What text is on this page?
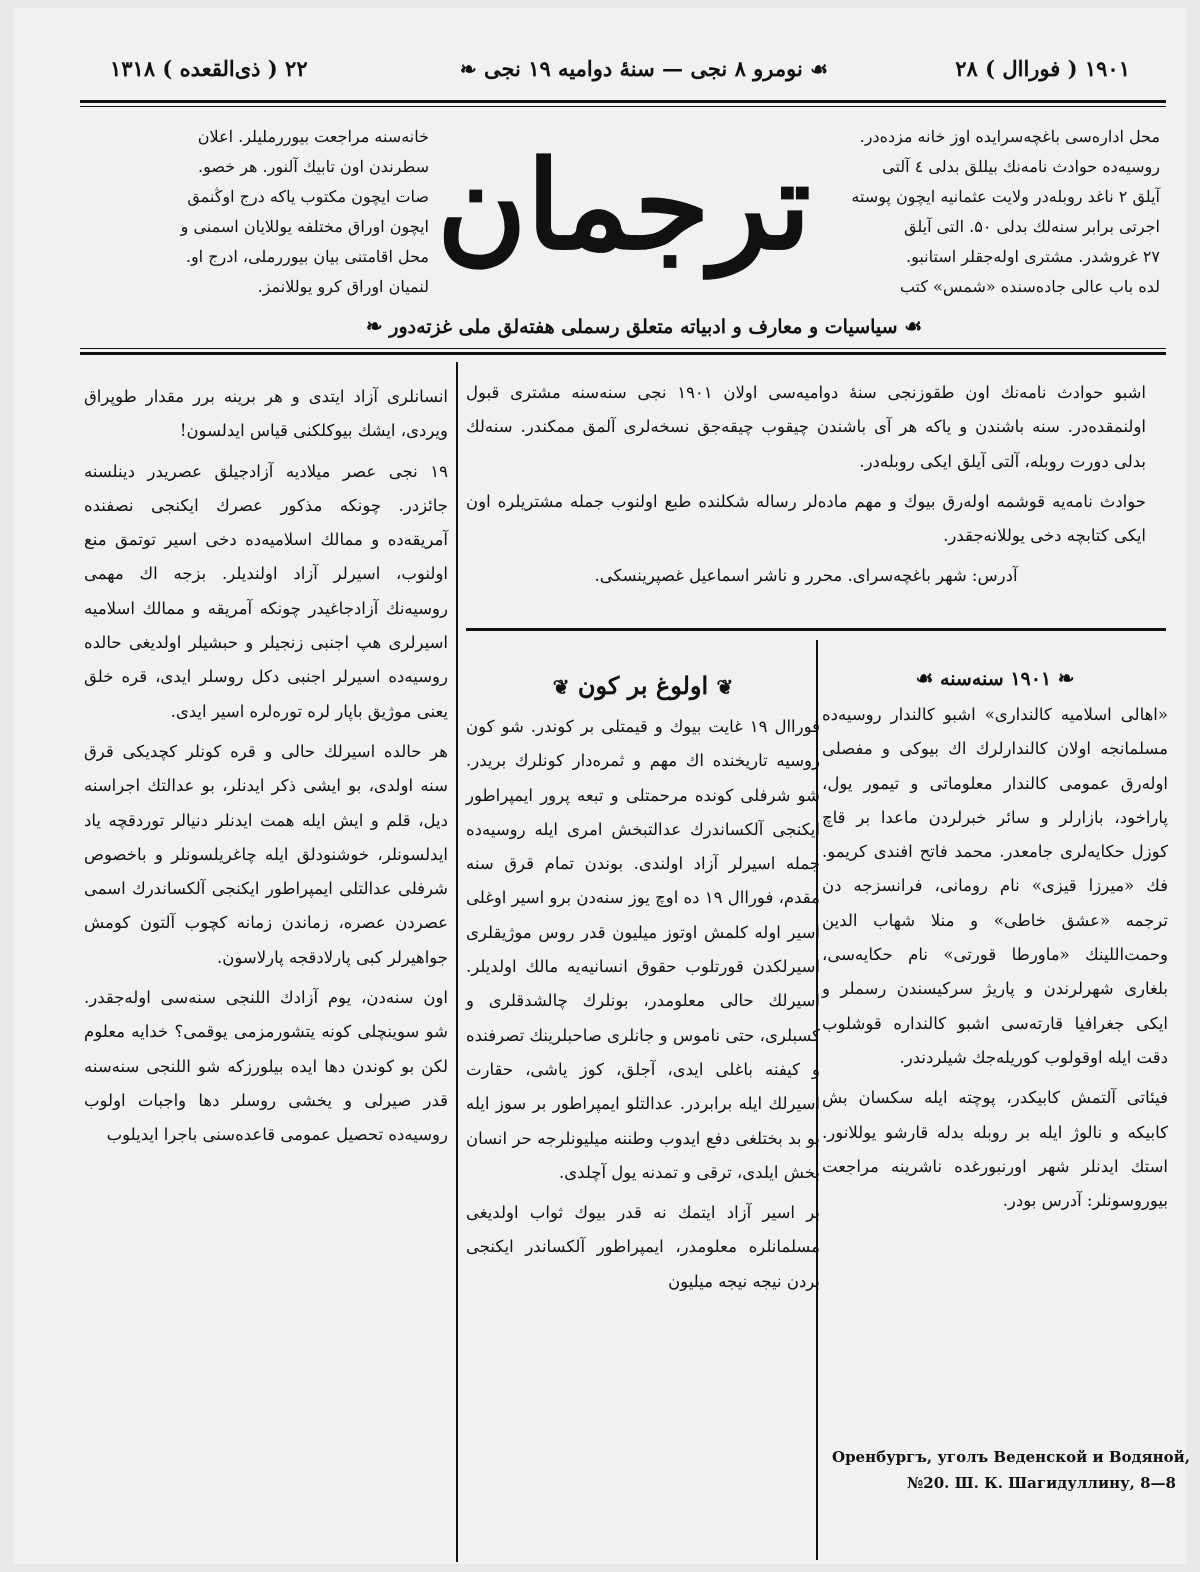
۱۹۰۱ ( فوراال ) ۲۸
❧ نومرو ۸ نجی — سنهٔ دوامیه ۱۹ نجی ☙
۲۲ ( ذی‌القعده ) ۱۳۱۸
محل اداره‌سی باغچه‌سرایده اوز خانه مزده‌در.
روسیه‌ده حوادث نامه‌نك بیللق بدلی ٤ آلتی
آیلق ۲ ناغد روبله‌در ولایت عثمانیه ایچون پوسته
اجرتی برابر سنه‌لك بدلی ۵۰. التی آیلق
۲۷ غروشدر. مشتری اوله‌جقلر استانبو.
لده باب عالی جاده‌سنده «شمس» کتب
ترجمان
خانه‌سنه مراجعت بیوررملیلر. اعلان
سطرندن اون تابیك آلنور. هر خصو.
صات ایچون مکتوب یاکه درج اوڭنمق
ایچون اوراق مختلفه یوللایان اسمنی و
محل اقامتنی بیان بیوررملی، ادرج او.
لنمیان اوراق کرو یوللانمز.
❧ سیاسیات و معارف و ادبیاته متعلق رسملی هفته‌لق ملی غزته‌دور ☙

اشبو حوادث نامه‌نك اون طقوزنجی سنهٔ دوامیه‌سی اولان ۱۹۰۱ نجی سنه‌سنه مشتری قبول اولنمقده‌در. سنه باشندن و یاکه هر آی باشندن چیقوب چیقه‌جق نسخه‌لری آلمق ممکندر. سنه‌لك بدلی دورت روبله، آلتی آیلق ایکی روبله‌در.

حوادث نامه‌یه قوشمه اوله‌رق بیوك و مهم ماده‌لر رساله شکلنده طبع اولنوب جمله مشتریلره اون ایکی کتابچه دخی یوللانه‌جقدر.

آدرس: شهر باغچه‌سرای. محرر و ناشر اسماعیل غصپرینسکی.

انسانلری آزاد ایتدی و هر برینه برر مقدار طوپراق ویردی، ایشك بیوکلکنی قیاس ایدلسون!

۱۹ نجی عصر میلادیه آزادجیلق عصریدر دینلسنه جائزدر. چونکه مذکور عصرك ایکنجی نصفنده آمریقه‌ده و ممالك اسلامیه‌ده دخی اسیر توتمق منع اولنوب، اسیرلر آزاد اولندیلر. بزجه اك مهمی روسیه‌نك آزادجاغیدر چونکه آمریقه و ممالك اسلامیه اسیرلری هپ اجنبی زنجیلر و حبشیلر اولدیغی حالده روسیه‌ده اسیرلر اجنبی دکل روسلر ایدی، قره خلق یعنی موژیق باپار لره توره‌لره اسیر ایدی.

هر حالده اسیرلك حالی و قره کونلر کچدیکی قرق سنه اولدی، بو ایشی ذکر ایدنلر، بو عدالتك اجراسنه دیل، قلم و ایش ایله همت ایدنلر دنیالر توردقچه یاد ایدلسونلر، خوشنودلق ایله چاغریلسونلر و باخصوص شرفلی عدالتلی ایمپراطور ایکنجی آلکساندرك اسمی عصردن عصره، زماندن زمانه کچوب آلتون کومش جواهیرلر کبی پارلادقجه پارلاسون.

اون سنه‌دن، یوم آزادك اللنجی سنه‌سی اوله‌جقدر. شو سوینچلی کونه یتشورمزمی یوقمی؟ خدایه معلوم لکن بو کوندن دها ایده بیلورزکه شو اللنجی سنه‌سنه قدر صیرلی و یخشی روسلر دها واجبات اولوب روسیه‌ده تحصیل عمومی قاعده‌سنی باجرا ایدیلوب

❦ اولوغ بر کون ❦

فوراال ۱۹ غایت بیوك و قیمتلی بر کوندر. شو کون روسیه تاریخنده اك مهم و ثمره‌دار کونلرك بریدر. شو شرفلی کونده مرحمتلی و تبعه پرور ایمپراطور ایکنجی آلکساندرك عدالتبخش امری ایله روسیه‌ده جمله اسیرلر آزاد اولندی. بوندن تمام قرق سنه مقدم، فوراال ۱۹ ده اوچ یوز سنه‌دن برو اسیر اوغلی اسیر اوله کلمش اوتوز میلیون قدر روس موژیقلری اسیرلکدن قورتلوب حقوق انسانیه‌یه مالك اولدیلر. اسیرلك حالی معلومدر، بونلرك چالشدقلری و کسبلری، حتی ناموس و جانلری صاحبلرینك تصرفنده و کیفنه باغلی ایدی، آجلق، کوز یاشی، حقارت اسیرلك ایله برابردر. عدالتلو ایمپراطور بر سوز ایله بو بد بختلغی دفع ایدوب وطننه میلیونلرجه حر انسان بخش ایلدی، ترقی و تمدنه یول آچلدی.

بر اسیر آزاد ایتمك نه قدر بیوك ثواب اولدیغی مسلمانلره معلومدر، ایمپراطور آلکساندر ایکنجی بردن نیجه نیجه میلیون

❧ ۱۹۰۱ سنه‌سنه ☙

«اهالی اسلامیه کالنداری» اشبو کالندار روسیه‌ده مسلمانجه اولان کالندارلرك اك بیوکی و مفصلی اوله‌رق عمومی کالندار معلوماتی و تیمور یول، پاراخود، بازارلر و سائر خبرلردن ماعدا بر قاچ کوزل حکایه‌لری جامعدر. محمد فاتح افندی کریمو. فك «میرزا قیزی» نام رومانی، فرانسزجه دن ترجمه «عشق خاطی» و منلا شهاب الدین وحمت‌اللینك «ماورطا قورتی» نام حکایه‌سی، بلغاری شهرلرندن و پاریژ سرکیسندن رسملر و ایکی جغرافیا قارته‌سی اشبو کالنداره قوشلوب دقت ایله اوقولوب کوریله‌جك شیلردندر.

فیئاتی آلتمش کابیکدر، پوچته ایله سکسان بش کابیکه و نالوژ ایله بر روبله بدله قارشو یوللانور. استك ایدنلر شهر اورنبورغده ناشرینه مراجعت بیوروسونلر: آدرس بودر.

Оренбургъ, уголъ Веденской и Водяной,
№20. Ш. К. Шагидуллину, 8—8
